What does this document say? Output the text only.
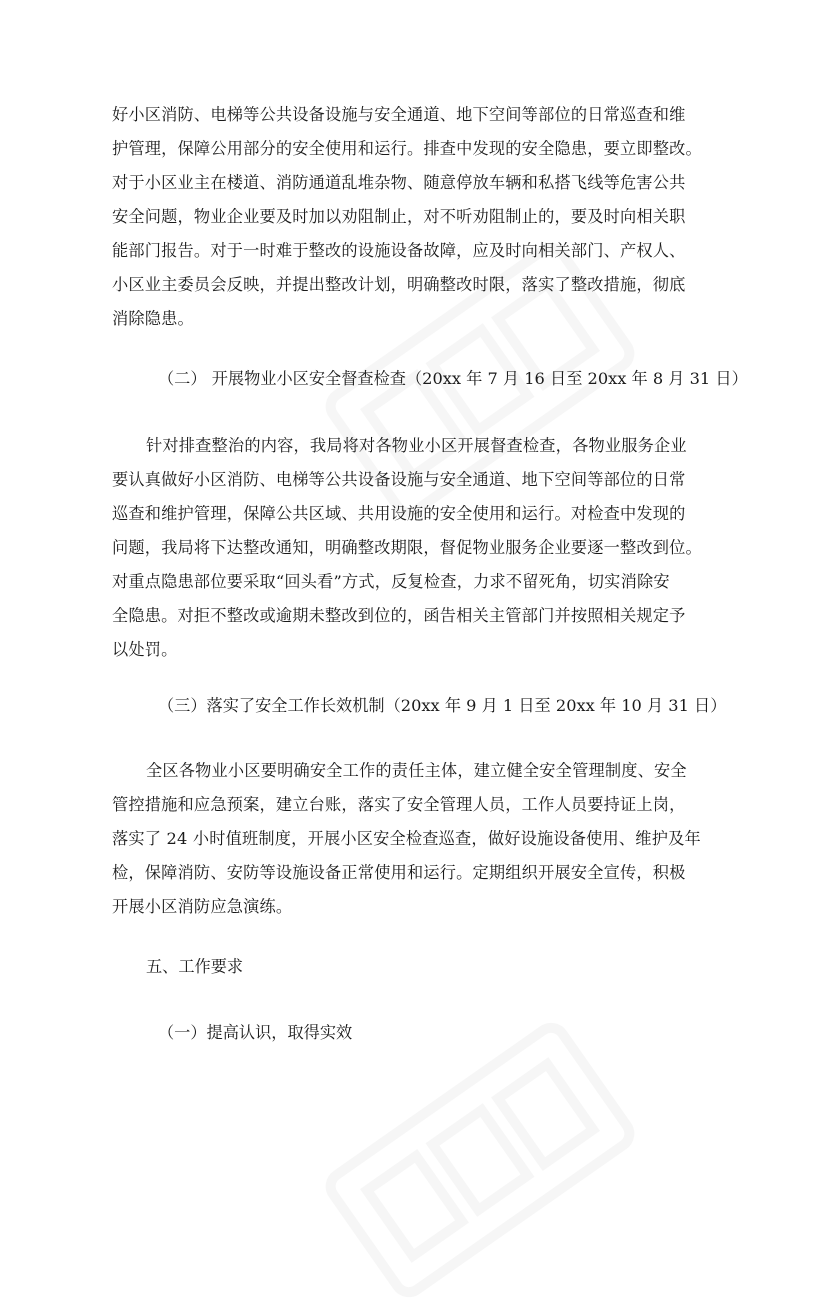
好小区消防、电梯等公共设备设施与安全通道、地下空间等部位的日常巡查和维
护管理，保障公用部分的安全使用和运行。排查中发现的安全隐患，要立即整改。
对于小区业主在楼道、消防通道乱堆杂物、随意停放车辆和私搭飞线等危害公共
安全问题，物业企业要及时加以劝阻制止，对不听劝阻制止的，要及时向相关职
能部门报告。对于一时难于整改的设施设备故障，应及时向相关部门、产权人、
小区业主委员会反映，并提出整改计划，明确整改时限，落实了整改措施，彻底
消除隐患。

（二） 开展物业小区安全督查检查（20xx 年 7 月 16 日至 20xx 年 8 月 31 日）

针对排查整治的内容，我局将对各物业小区开展督查检查，各物业服务企业
要认真做好小区消防、电梯等公共设备设施与安全通道、地下空间等部位的日常
巡查和维护管理，保障公共区域、共用设施的安全使用和运行。对检查中发现的
问题，我局将下达整改通知，明确整改期限，督促物业服务企业要逐一整改到位。
对重点隐患部位要采取“回头看”方式，反复检查，力求不留死角，切实消除安
全隐患。对拒不整改或逾期未整改到位的，函告相关主管部门并按照相关规定予
以处罚。

（三）落实了安全工作长效机制（20xx 年 9 月 1 日至 20xx 年 10 月 31 日）

全区各物业小区要明确安全工作的责任主体，建立健全安全管理制度、安全
管控措施和应急预案，建立台账，落实了安全管理人员，工作人员要持证上岗，
落实了 24 小时值班制度，开展小区安全检查巡查，做好设施设备使用、维护及年
检，保障消防、安防等设施设备正常使用和运行。定期组织开展安全宣传，积极
开展小区消防应急演练。

五、工作要求

（一）提高认识，取得实效
